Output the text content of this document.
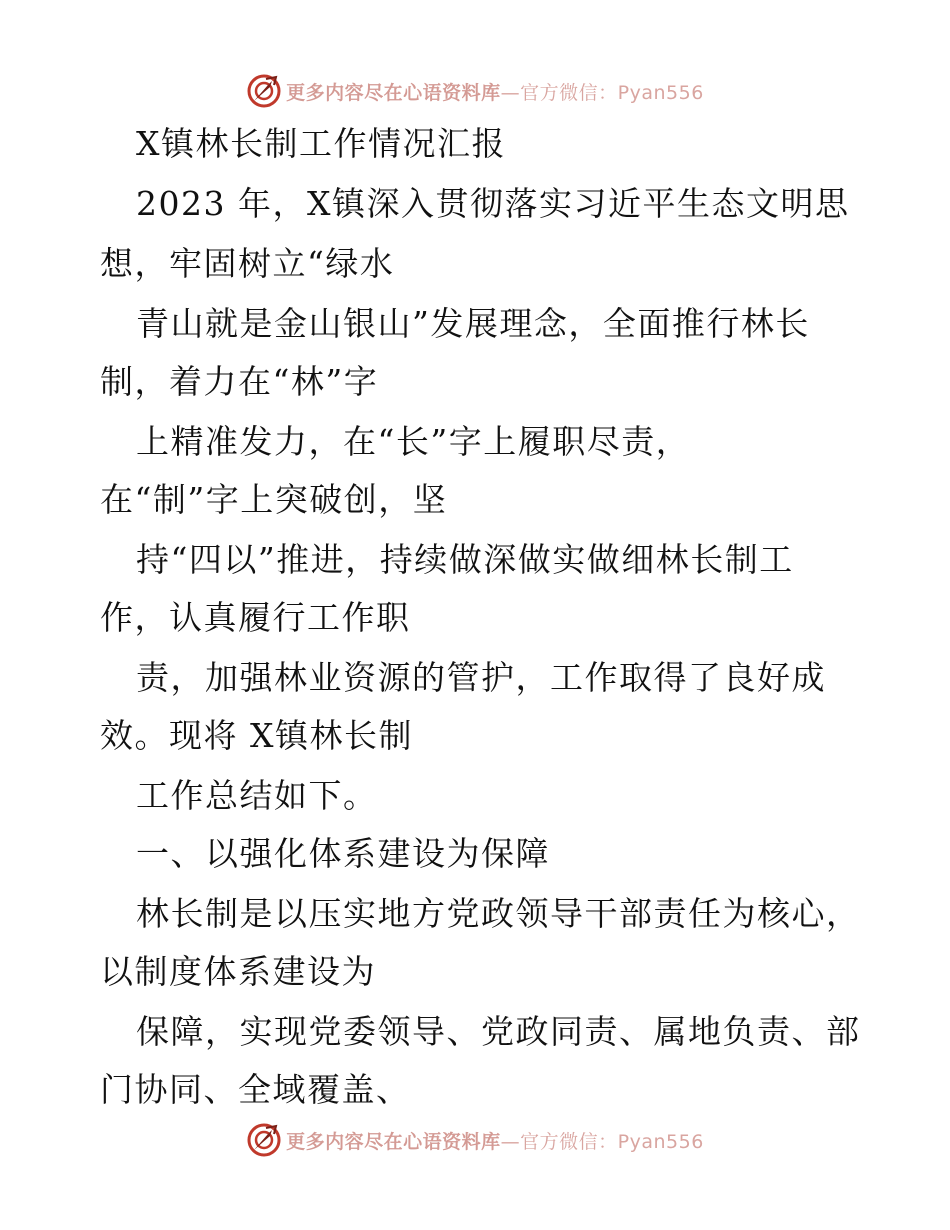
更多内容尽在心语资料库—官方微信：Pyan556
X镇林长制工作情况汇报
2023 年，X镇深入贯彻落实习近平生态文明思
想，牢固树立“绿水
青山就是金山银山”发展理念，全面推行林长
制，着力在“林”字
上精准发力，在“长”字上履职尽责，
在“制”字上突破创，坚
持“四以”推进，持续做深做实做细林长制工
作，认真履行工作职
责，加强林业资源的管护，工作取得了良好成
效。现将 X镇林长制
工作总结如下。
一、以强化体系建设为保障
林长制是以压实地方党政领导干部责任为核心，
以制度体系建设为
保障，实现党委领导、党政同责、属地负责、部
门协同、全域覆盖、
更多内容尽在心语资料库—官方微信：Pyan556
